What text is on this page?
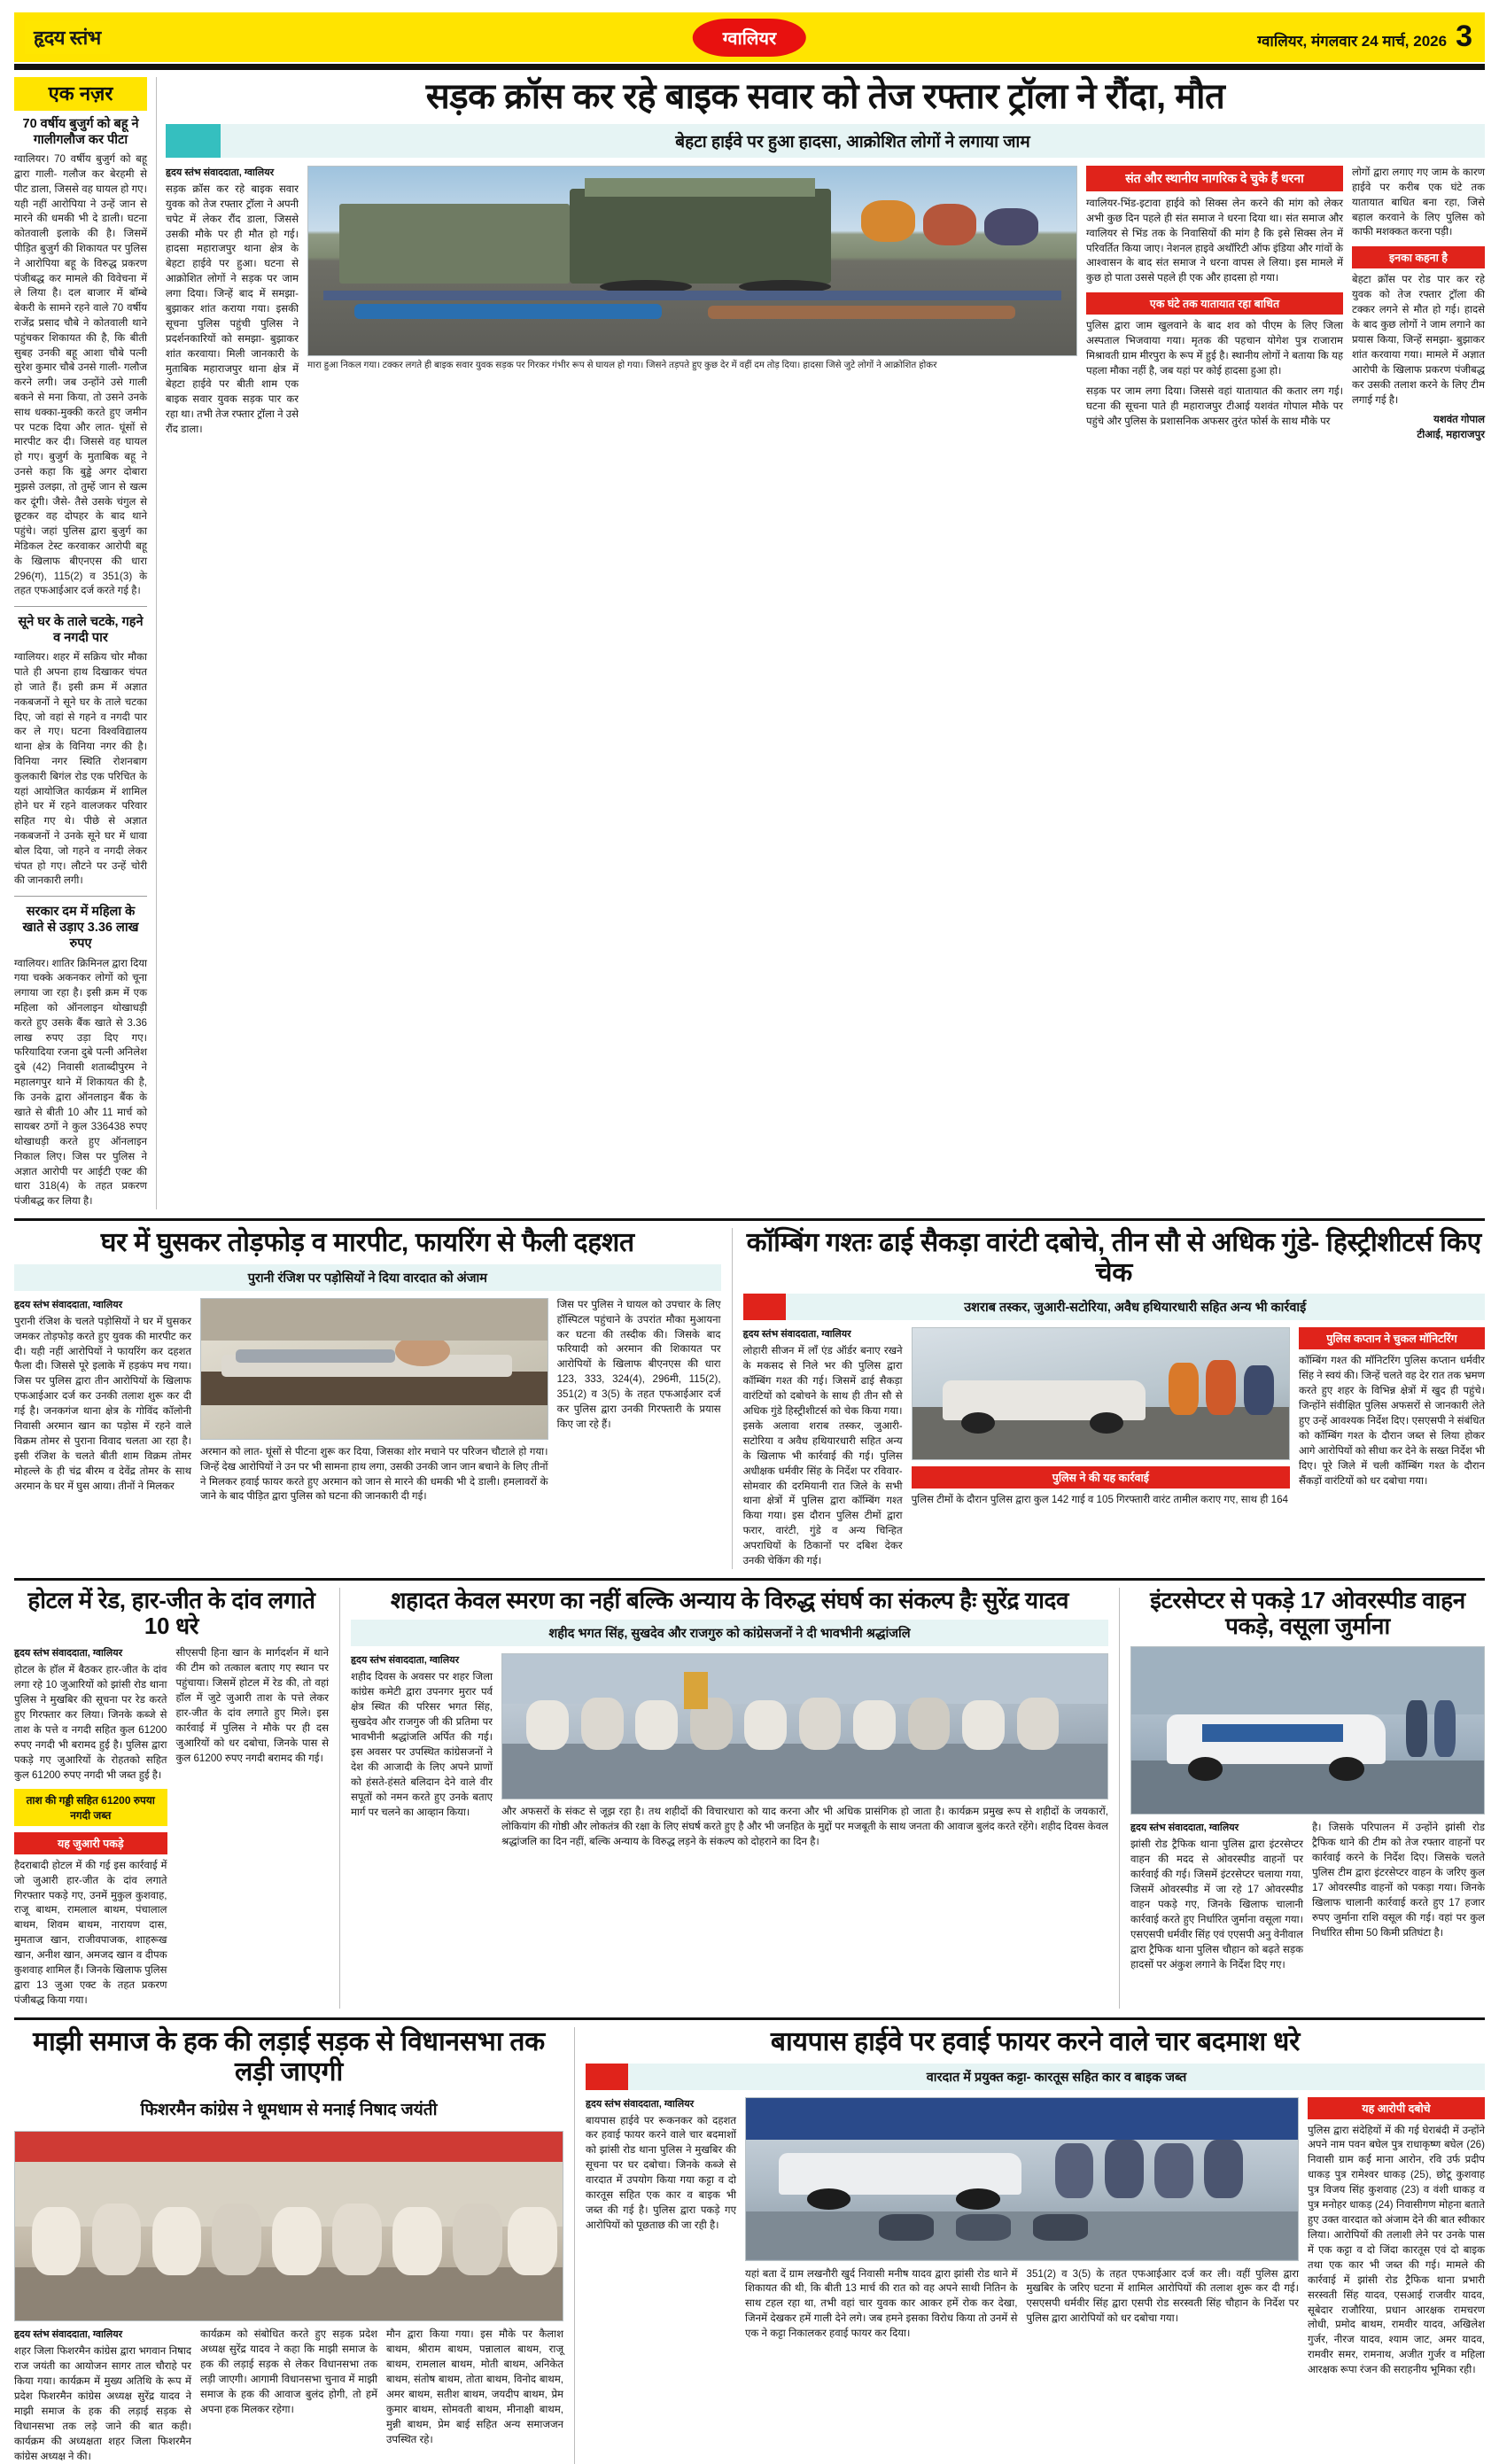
हृदय स्तंभ	ग्वालियर	ग्वालियर, मंगलवार 24 मार्च, 2026 3
एक नज़र
70 वर्षीय बुजुर्ग को बहू ने गालीगलौज कर पीटा
ग्वालियर। 70 वर्षीय बुजुर्ग को बहू द्वारा गाली- गलौज कर बेरहमी से पीट डाला, जिससे वह घायल हो गए। यही नहीं आरोपिया ने उन्हें जान से मारने की धमकी भी दे डाली। घटना कोतवाली इलाके की है। जिसमें पीड़ित बुजुर्ग की शिकायत पर पुलिस ने आरोपिया बहू के विरुद्ध प्रकरण पंजीबद्ध कर मामले की विवेचना में ले लिया है। दल बाजार में बॉम्बे बेकरी के सामने रहने वाले 70 वर्षीय राजेंद्र प्रसाद चौबे ने कोतवाली थाने पहुंचकर शिकायत की है, कि बीती सुबह उनकी बहू आशा चौबे पत्नी सुरेश कुमार चौबे उनसे गाली- गलौज करने लगी। जब उन्होंने उसे गाली बकने से मना किया, तो उसने उनके साथ धक्का-मुक्की करते हुए जमीन पर पटक दिया और लात- घूंसों से मारपीट कर दी। जिससे वह घायल हो गए। बुजुर्ग के मुताबिक बहू ने उनसे कहा कि बुड्ढे अगर दोबारा मुझसे उलझा, तो तुम्हें जान से खत्म कर दूंगी। जैसे- तैसे उसके चंगुल से छूटकर वह दोपहर के बाद थाने पहुंचे। जहां पुलिस द्वारा बुजुर्ग का मेडिकल टेस्ट करवाकर आरोपी बहू के खिलाफ बीएनएस की धारा 296(ग), 115(2) व 351(3) के तहत एफआईआर दर्ज करते गई है।
सूने घर के ताले चटके, गहने व नगदी पार
ग्वालियर। शहर में सक्रिय चोर मौका पाते ही अपना हाथ दिखाकर चंपत हो जाते हैं। इसी क्रम में अज्ञात नकबजनों ने सूने घर के ताले चटका दिए, जो वहां से गहने व नगदी पार कर ले गए। घटना विश्वविद्यालय थाना क्षेत्र के विनिया नगर की है। विनिया नगर स्थिति रोशनबाग कुलकारी बिगंल रोड एक परिचित के यहां आयोजित कार्यक्रम में शामिल होने घर में रहने वालजकर परिवार सहित गए थे। पीछे से अज्ञात नकबजनों ने उनके सूने घर में धावा बोल दिया, जो गहने व नगदी लेकर चंपत हो गए। लौटने पर उन्हें चोरी की जानकारी लगी।
सरकार दम में महिला के खाते से उड़ाए 3.36 लाख रुपए
ग्वालियर। शातिर क्रिमिनल द्वारा दिया गया चक्के अकनकर लोगों को चूना लगाया जा रहा है। इसी क्रम में एक महिला को ऑनलाइन थोखाधड़ी करते हुए उसके बैंक खाते से 3.36 लाख रुपए उड़ा दिए गए। फरियादिया रजना दुबे पत्नी अनिलेश दुबे (42) निवासी शताब्दीपुरम ने महालगपुर थाने में शिकायत की है, कि उनके द्वारा ऑनलाइन बैंक के खाते से बीती 10 और 11 मार्च को सायबर ठगों ने कुल 336438 रुपए थोखाधड़ी करते हुए ऑनलाइन निकाल लिए। जिस पर पुलिस ने अज्ञात आरोपी पर आईटी एक्ट की धारा 318(4) के तहत प्रकरण पंजीबद्ध कर लिया है।
सड़क क्रॉस कर रहे बाइक सवार को तेज रफ्तार ट्रॉला ने रौंदा, मौत
बेहटा हाईवे पर हुआ हादसा, आक्रोशित लोगों ने लगाया जाम
हृदय स्तंभ संवाददाता, ग्वालियर
सड़क क्रॉस कर रहे बाइक सवार युवक को तेज रफ्तार ट्रॉला ने अपनी चपेट में लेकर रौंद डाला, जिससे उसकी मौके पर ही मौत हो गई। हादसा महाराजपुर थाना क्षेत्र के बेहटा हाईवे पर हुआ। घटना से आक्रोशित लोगों ने सड़क पर जाम लगा दिया। जिन्हें बाद में समझा-बुझाकर शांत कराया गया। इसकी सूचना पुलिस पहुंची पुलिस ने प्रदर्शनकारियों को समझा- बुझाकर शांत करवाया। मिली जानकारी के मुताबिक महाराजपुर थाना क्षेत्र में बेहटा हाईवे पर बीती शाम एक बाइक सवार युवक सड़क पार कर रहा था। तभी तेज रफ्तार ट्रॉला ने उसे रौंद डाला।
मारा हुआ निकल गया। टक्कर लगते ही बाइक सवार युवक सड़क पर गिरकर गंभीर रूप से घायल हो गया। जिसने तड़पते हुए कुछ देर में वहीं दम तोड़ दिया। हादसा जिसे जुटे लोगों ने आक्रोशित होकर
संत और स्थानीय नागरिक दे चुके हैं धरना
ग्वालियर-भिंड-इटावा हाईवे को सिक्स लेन करने की मांग को लेकर अभी कुछ दिन पहले ही संत समाज ने धरना दिया था। संत समाज और ग्वालियर से भिंड तक के निवासियों की मांग है कि इसे सिक्स लेन में परिवर्तित किया जाए। नेशनल हाइवे अथॉरिटी ऑफ इंडिया और गांवों के आश्वासन के बाद संत समाज ने धरना वापस ले लिया। इस मामले में कुछ हो पाता उससे पहले ही एक और हादसा हो गया।
एक घंटे तक यातायात रहा बाधित
पुलिस द्वारा जाम खुलवाने के बाद शव को पीएम के लिए जिला अस्पताल भिजवाया गया। मृतक की पहचान योगेश पुत्र राजाराम मिश्रावती ग्राम मीरपुरा के रूप में हुई है। स्थानीय लोगों ने बताया कि यह पहला मौका नहीं है, जब यहां पर कोई हादसा हुआ हो।
सड़क पर जाम लगा दिया। जिससे वहां यातायात की कतार लग गई। घटना की सूचना पाते ही महाराजपुर टीआई यशवंत गोपाल मौके पर पहुंचे और पुलिस के प्रशासनिक अफसर तुरंत फोर्स के साथ मौके पर
लोगों द्वारा लगाए गए जाम के कारण हाईवे पर करीब एक घंटे तक यातायात बाधित बना रहा, जिसे बहाल करवाने के लिए पुलिस को काफी मशक्कत करना पड़ी।
इनका कहना है
बेहटा क्रॉस पर रोड पार कर रहे युवक को तेज रफ्तार ट्रॉला की टक्कर लगने से मौत हो गई। हादसे के बाद कुछ लोगों ने जाम लगाने का प्रयास किया, जिन्हें समझा- बुझाकर शांत करवाया गया। मामले में अज्ञात आरोपी के खिलाफ प्रकरण पंजीबद्ध कर उसकी तलाश करने के लिए टीम लगाई गई है।
यशवंत गोपाल
टीआई, महाराजपुर
घर में घुसकर तोड़फोड़ व मारपीट, फायरिंग से फैली दहशत
पुरानी रंजिश पर पड़ोसियों ने दिया वारदात को अंजाम
हृदय स्तंभ संवाददाता, ग्वालियर
पुरानी रंजिश के चलते पड़ोसियों ने घर में घुसकर जमकर तोड़फोड़ करते हुए युवक की मारपीट कर दी। यही नहीं आरोपियों ने फायरिंग कर दहशत फैला दी। जिससे पूरे इलाके में हड़कंप मच गया। जिस पर पुलिस द्वारा तीन आरोपियों के खिलाफ एफआईआर दर्ज कर उनकी तलाश शुरू कर दी गई है। जनकगंज थाना क्षेत्र के गोविंद कॉलोनी निवासी अरमान खान का पड़ोस में रहने वाले विक्रम तोमर से पुराना विवाद चलता आ रहा है। इसी रंजिश के चलते बीती शाम विक्रम तोमर मोहल्ले के ही चंद्र बीरम व देवेंद्र तोमर के साथ अरमान के घर में घुस आया। तीनों ने मिलकर
अरमान को लात- घूंसों से पीटना शुरू कर दिया, जिसका शोर मचाने पर परिजन चौटाले हो गया। जिन्हें देख आरोपियों ने उन पर भी सामना हाथ लगा, उसकी उनकी जान जान बचाने के लिए तीनों ने मिलकर हवाई फायर करते हुए अरमान को जान से मारने की धमकी भी दे डाली। हमलावरों के जाने के बाद पीड़ित द्वारा पुलिस को घटना की जानकारी दी गई।
जिस पर पुलिस ने घायल को उपचार के लिए हॉस्पिटल पहुंचाने के उपरांत मौका मुआयना कर घटना की तस्दीक की। जिसके बाद फरियादी को अरमान की शिकायत पर आरोपियों के खिलाफ बीएनएस की धारा 123, 333, 324(4), 296मी, 115(2), 351(2) व 3(5) के तहत एफआईआर दर्ज कर पुलिस द्वारा उनकी गिरफ्तारी के प्रयास किए जा रहे हैं।
कॉम्बिंग गश्तः ढाई सैकड़ा वारंटी दबोचे, तीन सौ से अधिक गुंडे- हिस्ट्रीशीटर्स किए चेक
उशराब तस्कर, जुआरी-सटोरिया, अवैध हथियारधारी सहित अन्य भी कार्रवाई
हृदय स्तंभ संवाददाता, ग्वालियर
लोहारी सीजन में लाँ एंड ऑर्डर बनाए रखने के मकसद से निले भर की पुलिस द्वारा कॉम्बिंग गश्त की गई। जिसमें ढाई सैकड़ा वारंटियों को दबोचने के साथ ही तीन सौ से अधिक गुंडे हिस्ट्रीशीटर्स को चेक किया गया। इसके अलावा शराब तस्कर, जुआरी- सटोरिया व अवैध हथियारधारी सहित अन्य के खिलाफ भी कार्रवाई की गई। पुलिस अधीक्षक धर्मवीर सिंह के निर्देश पर रविवार-सोमवार की दरमियानी रात जिले के सभी थाना क्षेत्रों में पुलिस द्वारा कॉम्बिंग गश्त किया गया। इस दौरान पुलिस टीमों द्वारा फरार, वारंटी, गुंडे व अन्य चिन्हित अपराधियों के ठिकानों पर दबिश देकर उनकी चेकिंग की गई।
पुलिस ने की यह कार्रवाई
पुलिस टीमों के दौरान पुलिस द्वारा कुल 142 गाई व 105 गिरफ्तारी वारंट तामील कराए गए, साथ ही 164
पुलिस कप्तान ने चुकल मॉनिटरिंग
कॉम्बिंग गश्त की मॉनिटरिंग पुलिस कप्तान धर्मवीर सिंह ने स्वयं की। जिन्हें चलते वह देर रात तक भ्रमण करते हुए शहर के विभिन्न क्षेत्रों में खुद ही पहुंचे। जिन्होंने संवीक्षित पुलिस अफसरों से जानकारी लेते हुए उन्हें आवश्यक निर्देश दिए। एसएसपी ने संबंधित को कॉम्बिंग गश्त के दौरान जब्त से लिया होकर आगे आरोपियों को सीधा कर देने के सख्त निर्देश भी दिए। पूरे जिले में चली कॉम्बिंग गश्त के दौरान सैंकड़ों वारंटियों को धर दबोचा गया।
होटल में रेड, हार-जीत के दांव लगाते 10 धरे
हृदय स्तंभ संवाददाता, ग्वालियर
होटल के हॉल में बैठकर हार-जीत के दांव लगा रहे 10 जुआरियों को झांसी रोड थाना पुलिस ने मुखबिर की सूचना पर रेड करते हुए गिरफ्तार कर लिया। जिनके कब्जे से ताश के पत्ते व नगदी सहित कुल 61200 रुपए नगदी भी बरामद हुई है। पुलिस द्वारा पकड़े गए जुआरियों के रोहतको सहित कुल 61200 रुपए नगदी भी जब्त हुई है।
ताश की गड्डी सहित 61200 रुपया नगदी जब्त
यह जुआरी पकड़े
हैदराबादी होटल में की गई इस कार्रवाई में जो जुआरी हार-जीत के दांव लगाते गिरफ्तार पकड़े गए, उनमें मुकुल कुशवाह, राजू बाथम, रामलाल बाथम, पंचालाल बाथम, शिवम बाथम, नारायण दास, मुमताज खान, राजीवपाजक, शाहरूख खान, अनीश खान, अमजद खान व दीपक कुशवाह शामिल हैं। जिनके खिलाफ पुलिस द्वारा 13 जुआ एक्ट के तहत प्रकरण पंजीबद्ध किया गया।
सीएसपी हिना खान के मार्गदर्शन में थाने की टीम को तत्काल बताए गए स्थान पर पहुंचाया। जिसमें होटल में रेड की, तो वहां हॉल में जुटे जुआरी ताश के पत्ते लेकर हार-जीत के दांव लगाते हुए मिले। इस कार्रवाई में पुलिस ने मौके पर ही दस जुआरियों को धर दबोचा, जिनके पास से कुल 61200 रुपए नगदी बरामद की गई।
शहादत केवल स्मरण का नहीं बल्कि अन्याय के विरुद्ध संघर्ष का संकल्प हैः सुरेंद्र यादव
शहीद भगत सिंह, सुखदेव और राजगुरु को कांग्रेसजनों ने दी भावभीनी श्रद्धांजलि
हृदय स्तंभ संवाददाता, ग्वालियर
शहीद दिवस के अवसर पर शहर जिला कांग्रेस कमेटी द्वारा उपनगर मुरार पर्व क्षेत्र स्थित की परिसर भगत सिंह, सुखदेव और राजगुरु जी की प्रतिमा पर भावभीनी श्रद्धांजलि अर्पित की गई। इस अवसर पर उपस्थित कांग्रेसजनों ने देश की आजादी के लिए अपने प्राणों को हंसते-हंसते बलिदान देने वाले वीर सपूतों को नमन करते हुए उनके बताए मार्ग पर चलने का आव्हान किया।	और अफसरों के संकट से जूझ रहा है। तथ शहीदों की विचारधारा को याद करना और भी अधिक प्रासंगिक हो जाता है। कार्यक्रम प्रमुख रूप से शहीदों के जयकारों, लोकियांग की गोष्ठी और लोकतंत्र की रक्षा के लिए संघर्ष करते हुए है और भी जनहित के मुद्दों पर मजबूती के साथ जनता की आवाज बुलंद करते रहेंगे। शहीद दिवस केवल श्रद्धांजलि का दिन नहीं, बल्कि अन्याय के विरुद्ध लड़ने के संकल्प को दोहराने का दिन है।
इंटरसेप्टर से पकड़े 17 ओवरस्पीड वाहन पकड़े, वसूला जुर्माना
हृदय स्तंभ संवाददाता, ग्वालियर
झांसी रोड ट्रैफिक थाना पुलिस द्वारा इंटरसेप्टर वाहन की मदद से ओवरस्पीड वाहनों पर कार्रवाई की गई। जिसमें इंटरसेप्टर चलाया गया, जिसमें ओवरस्पीड में जा रहे 17 ओवरस्पीड वाहन पकड़े गए, जिनके खिलाफ चालानी कार्रवाई करते हुए निर्धारित जुर्माना वसूला गया। एसएसपी धर्मवीर सिंह एवं एएसपी अनु वेनीवाल द्वारा ट्रैफिक थाना पुलिस चौहान को बढ़ते सड़क हादसों पर अंकुश लगाने के निर्देश दिए गए।
है। जिसके परिपालन में उन्होंने झांसी रोड ट्रैफिक थाने की टीम को तेज रफ्तार वाहनों पर कार्रवाई करने के निर्देश दिए। जिसके चलते पुलिस टीम द्वारा इंटरसेप्टर वाहन के जरिए कुल 17 ओवरस्पीड वाहनों को पकड़ा गया। जिनके खिलाफ चालानी कार्रवाई करते हुए 17 हजार रुपए जुर्माना राशि वसूल की गई। वहां पर कुल निर्धारित सीमा 50 किमी प्रतिघंटा है।
माझी समाज के हक की लड़ाई सड़क से विधानसभा तक लड़ी जाएगी
फिशरमैन कांग्रेस ने धूमधाम से मनाई निषाद जयंती
हृदय स्तंभ संवाददाता, ग्वालियर
शहर जिला फिशरमैन कांग्रेस द्वारा भगवान निषाद राज जयंती का आयोजन सागर ताल चौराहे पर किया गया। कार्यक्रम में मुख्य अतिथि के रूप में प्रदेश फिशरमैन कांग्रेस अध्यक्ष सुरेंद्र यादव ने माझी समाज के हक की लड़ाई सड़क से विधानसभा तक लड़े जाने की बात कही। कार्यक्रम की अध्यक्षता शहर जिला फिशरमैन कांग्रेस अध्यक्ष ने की।
कार्यक्रम को संबोधित करते हुए सड़क प्रदेश अध्यक्ष सुरेंद्र यादव ने कहा कि माझी समाज के हक की लड़ाई सड़क से लेकर विधानसभा तक लड़ी जाएगी। आगामी विधानसभा चुनाव में माझी समाज के हक की आवाज बुलंद होगी, तो हमें अपना हक मिलकर रहेगा।
मौन द्वारा किया गया। इस मौके पर कैलाश बाथम, श्रीराम बाथम, पन्नालाल बाथम, राजू बाथम, रामलाल बाथम, मोती बाथम, अनिकेत बाथम, संतोष बाथम, तोता बाथम, विनोद बाथम, अमर बाथम, सतीश बाथम, जयदीप बाथम, प्रेम कुमार बाथम, सोमवती बाथम, मीनाक्षी बाथम, मुन्नी बाथम, प्रेम बाई सहित अन्य समाजजन उपस्थित रहे।
बायपास हाईवे पर हवाई फायर करने वाले चार बदमाश धरे
वारदात में प्रयुक्त कट्टा- कारतूस सहित कार व बाइक जब्त
हृदय स्तंभ संवाददाता, ग्वालियर
बायपास हाईवे पर रूकनकर को दहशत कर हवाई फायर करने वाले चार बदमाशों को झांसी रोड थाना पुलिस ने मुखबिर की सूचना पर घर दबोचा। जिनके कब्जे से वारदात में उपयोग किया गया कट्टा व दो कारतूस सहित एक कार व बाइक भी जब्त की गई है। पुलिस द्वारा पकड़े गए आरोपियों को पूछताछ की जा रही है।
यहां बता दें ग्राम लखनौरी खुर्द निवासी मनीष यादव द्वारा झांसी रोड थाने में शिकायत की थी, कि बीती 13 मार्च की रात को वह अपने साथी नितिन के साथ टहल रहा था, तभी वहां चार युवक कार आकर हमें रोक कर देखा, जिनमें देखकर हमें गाली देने लगे। जब हमने इसका विरोध किया तो उनमें से एक ने कट्टा निकालकर हवाई फायर कर दिया।
351(2) व 3(5) के तहत एफआईआर दर्ज कर ली। वहीं पुलिस द्वारा मुखबिर के जरिए घटना में शामिल आरोपियों की तलाश शुरू कर दी गई। एसएसपी धर्मवीर सिंह द्वारा एसपी रोड सरस्वती सिंह चौहान के निर्देश पर पुलिस द्वारा आरोपियों को धर दबोचा गया।
यह आरोपी दबोचे
पुलिस द्वारा संदेहियों में की गई घेराबंदी में उन्होंने अपने नाम पवन बघेल पुत्र राधाकृष्ण बघेल (26) निवासी ग्राम कर्ई माना आरोन, रवि उर्फ प्रदीप धाकड़ पुत्र रामेश्वर धाकड़ (25), छोटू कुशवाह पुत्र विजय सिंह कुशवाह (23) व वंशी धाकड़ व पुत्र मनोहर धाकड़ (24) निवासीगण मोहना बताते हुए उक्त वारदात को अंजाम देने की बात स्वीकार लिया। आरोपियों की तलाशी लेने पर उनके पास में एक कट्टा व दो जिंदा कारतूस एवं दो बाइक तथा एक कार भी जब्त की गई। मामले की कार्रवाई में झांसी रोड ट्रैफिक थाना प्रभारी सरस्वती सिंह यादव, एसआई राजवीर यादव, सूबेदार राजौरिया, प्रधान आरक्षक रामचरण लोधी, प्रमोद बाथम, रामवीर यादव, अखिलेश गुर्जर, नीरज यादव, श्याम जाट, अमर यादव, रामवीर समर, रामनाथ, अजीत गुर्जर व महिला आरक्षक रूपा रंजन की सराहनीय भूमिका रही।
